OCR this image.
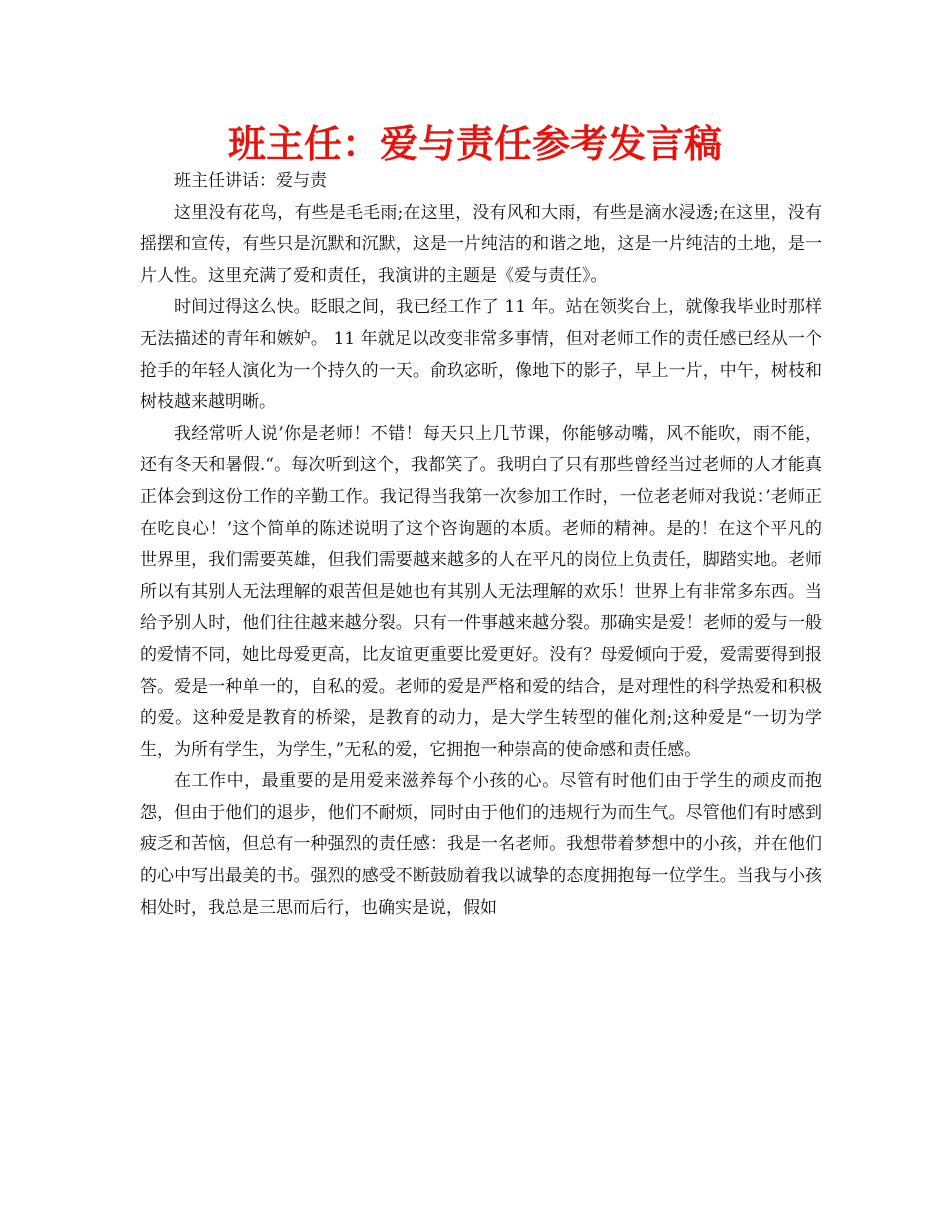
班主任：爱与责任参考发言稿

班主任讲话：爱与责

这里没有花鸟，有些是毛毛雨;在这里，没有风和大雨，有些是滴水浸透;在这里，没有摇摆和宣传，有些只是沉默和沉默，这是一片纯洁的和谐之地，这是一片纯洁的土地，是一片人性。这里充满了爱和责任，我演讲的主题是《爱与责任》。

时间过得这么快。眨眼之间，我已经工作了 11 年。站在领奖台上，就像我毕业时那样无法描述的青年和嫉妒。 11 年就足以改变非常多事情，但对老师工作的责任感已经从一个抢手的年轻人演化为一个持久的一天。俞玖宓昕，像地下的影子，早上一片，中午，树枝和树枝越来越明晰。

我经常听人说’你是老师！不错！每天只上几节课，你能够动嘴，风不能吹，雨不能，还有冬天和暑假.“。每次听到这个，我都笑了。我明白了只有那些曾经当过老师的人才能真正体会到这份工作的辛勤工作。我记得当我第一次参加工作时，一位老老师对我说：’老师正在吃良心！’这个简单的陈述说明了这个咨询题的本质。老师的精神。是的！在这个平凡的世界里，我们需要英雄，但我们需要越来越多的人在平凡的岗位上负责任，脚踏实地。老师所以有其别人无法理解的艰苦但是她也有其别人无法理解的欢乐！世界上有非常多东西。当给予别人时，他们往往越来越分裂。只有一件事越来越分裂。那确实是爱！老师的爱与一般的爱情不同，她比母爱更高，比友谊更重要比爱更好。没有？母爱倾向于爱，爱需要得到报答。爱是一种单一的，自私的爱。老师的爱是严格和爱的结合，是对理性的科学热爱和积极的爱。这种爱是教育的桥梁，是教育的动力，是大学生转型的催化剂;这种爱是“一切为学生，为所有学生，为学生，”无私的爱，它拥抱一种崇高的使命感和责任感。

在工作中，最重要的是用爱来滋养每个小孩的心。尽管有时他们由于学生的顽皮而抱怨，但由于他们的退步，他们不耐烦，同时由于他们的违规行为而生气。尽管他们有时感到疲乏和苦恼，但总有一种强烈的责任感：我是一名老师。我想带着梦想中的小孩，并在他们的心中写出最美的书。强烈的感受不断鼓励着我以诚挚的态度拥抱每一位学生。当我与小孩相处时，我总是三思而后行，也确实是说，假如
